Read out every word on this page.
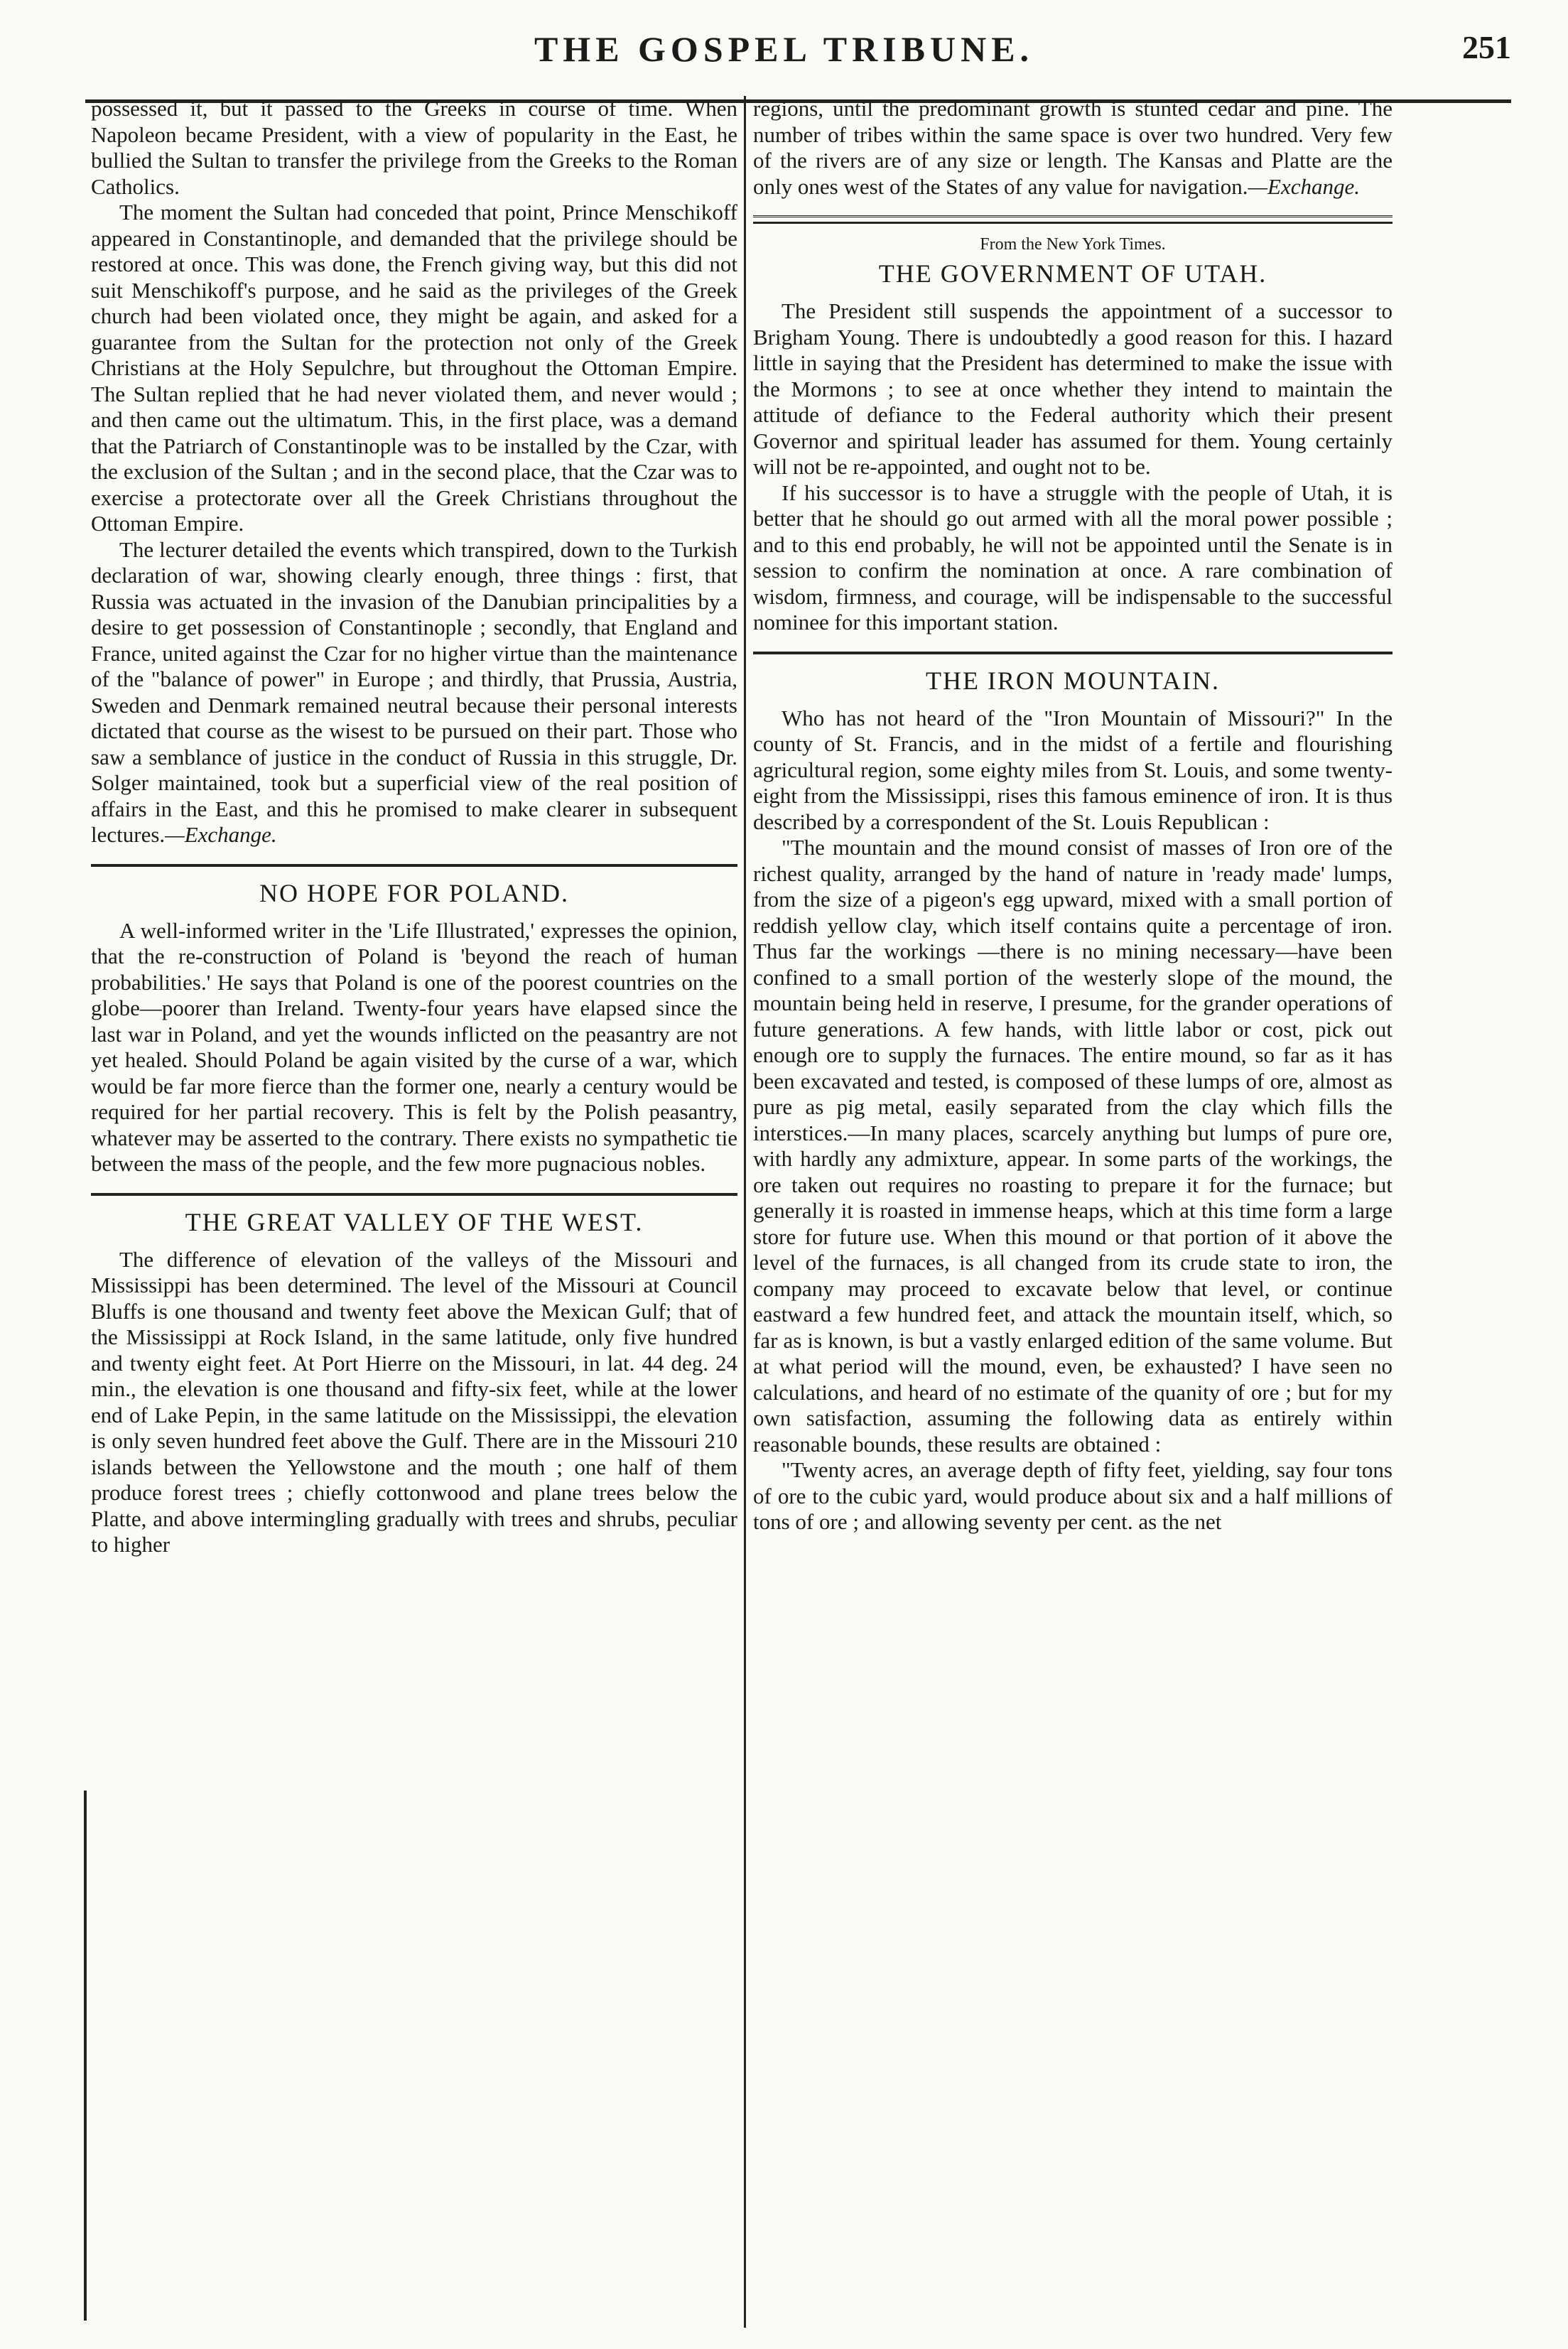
THE GOSPEL TRIBUNE.	251

possessed it, but it passed to the Greeks in course of time. When Napoleon became President, with a view of popularity in the East, he bullied the Sultan to transfer the privilege from the Greeks to the Roman Catholics.

The moment the Sultan had conceded that point, Prince Menschikoff appeared in Constantinople, and demanded that the privilege should be restored at once. This was done, the French giving way, but this did not suit Menschikoff's purpose, and he said as the privileges of the Greek church had been violated once, they might be again, and asked for a guarantee from the Sultan for the protection not only of the Greek Christians at the Holy Sepulchre, but throughout the Ottoman Empire. The Sultan replied that he had never violated them, and never would ; and then came out the ultimatum. This, in the first place, was a demand that the Patriarch of Constantinople was to be installed by the Czar, with the exclusion of the Sultan ; and in the second place, that the Czar was to exercise a protectorate over all the Greek Christians throughout the Ottoman Empire.

The lecturer detailed the events which transpired, down to the Turkish declaration of war, showing clearly enough, three things : first, that Russia was actuated in the invasion of the Danubian principalities by a desire to get possession of Constantinople ; secondly, that England and France, united against the Czar for no higher virtue than the maintenance of the "balance of power" in Europe ; and thirdly, that Prussia, Austria, Sweden and Denmark remained neutral because their personal interests dictated that course as the wisest to be pursued on their part. Those who saw a semblance of justice in the conduct of Russia in this struggle, Dr. Solger maintained, took but a superficial view of the real position of affairs in the East, and this he promised to make clearer in subsequent lectures.—Exchange.

NO HOPE FOR POLAND.

A well-informed writer in the 'Life Illustrated,' expresses the opinion, that the re-construction of Poland is 'beyond the reach of human probabilities.' He says that Poland is one of the poorest countries on the globe—poorer than Ireland. Twenty-four years have elapsed since the last war in Poland, and yet the wounds inflicted on the peasantry are not yet healed. Should Poland be again visited by the curse of a war, which would be far more fierce than the former one, nearly a century would be required for her partial recovery. This is felt by the Polish peasantry, whatever may be asserted to the contrary. There exists no sympathetic tie between the mass of the people, and the few more pugnacious nobles.

THE GREAT VALLEY OF THE WEST.

The difference of elevation of the valleys of the Missouri and Mississippi has been determined. The level of the Missouri at Council Bluffs is one thousand and twenty feet above the Mexican Gulf; that of the Mississippi at Rock Island, in the same latitude, only five hundred and twenty eight feet. At Port Hierre on the Missouri, in lat. 44 deg. 24 min., the elevation is one thousand and fifty-six feet, while at the lower end of Lake Pepin, in the same latitude on the Mississippi, the elevation is only seven hundred feet above the Gulf. There are in the Missouri 210 islands between the Yellowstone and the mouth ; one half of them produce forest trees ; chiefly cottonwood and plane trees below the Platte, and above intermingling gradually with trees and shrubs, peculiar to higher

regions, until the predominant growth is stunted cedar and pine. The number of tribes within the same space is over two hundred. Very few of the rivers are of any size or length. The Kansas and Platte are the only ones west of the States of any value for navigation.—Exchange.

From the New York Times.
THE GOVERNMENT OF UTAH.

The President still suspends the appointment of a successor to Brigham Young. There is undoubtedly a good reason for this. I hazard little in saying that the President has determined to make the issue with the Mormons ; to see at once whether they intend to maintain the attitude of defiance to the Federal authority which their present Governor and spiritual leader has assumed for them. Young certainly will not be re-appointed, and ought not to be.

If his successor is to have a struggle with the people of Utah, it is better that he should go out armed with all the moral power possible ; and to this end probably, he will not be appointed until the Senate is in session to confirm the nomination at once. A rare combination of wisdom, firmness, and courage, will be indispensable to the successful nominee for this important station.

THE IRON MOUNTAIN.

Who has not heard of the "Iron Mountain of Missouri?" In the county of St. Francis, and in the midst of a fertile and flourishing agricultural region, some eighty miles from St. Louis, and some twenty-eight from the Mississippi, rises this famous eminence of iron. It is thus described by a correspondent of the St. Louis Republican :

"The mountain and the mound consist of masses of Iron ore of the richest quality, arranged by the hand of nature in 'ready made' lumps, from the size of a pigeon's egg upward, mixed with a small portion of reddish yellow clay, which itself contains quite a percentage of iron. Thus far the workings —there is no mining necessary—have been confined to a small portion of the westerly slope of the mound, the mountain being held in reserve, I presume, for the grander operations of future generations. A few hands, with little labor or cost, pick out enough ore to supply the furnaces. The entire mound, so far as it has been excavated and tested, is composed of these lumps of ore, almost as pure as pig metal, easily separated from the clay which fills the interstices.—In many places, scarcely anything but lumps of pure ore, with hardly any admixture, appear. In some parts of the workings, the ore taken out requires no roasting to prepare it for the furnace; but generally it is roasted in immense heaps, which at this time form a large store for future use. When this mound or that portion of it above the level of the furnaces, is all changed from its crude state to iron, the company may proceed to excavate below that level, or continue eastward a few hundred feet, and attack the mountain itself, which, so far as is known, is but a vastly enlarged edition of the same volume. But at what period will the mound, even, be exhausted? I have seen no calculations, and heard of no estimate of the quanity of ore ; but for my own satisfaction, assuming the following data as entirely within reasonable bounds, these results are obtained :

"Twenty acres, an average depth of fifty feet, yielding, say four tons of ore to the cubic yard, would produce about six and a half millions of tons of ore ; and allowing seventy per cent. as the net
